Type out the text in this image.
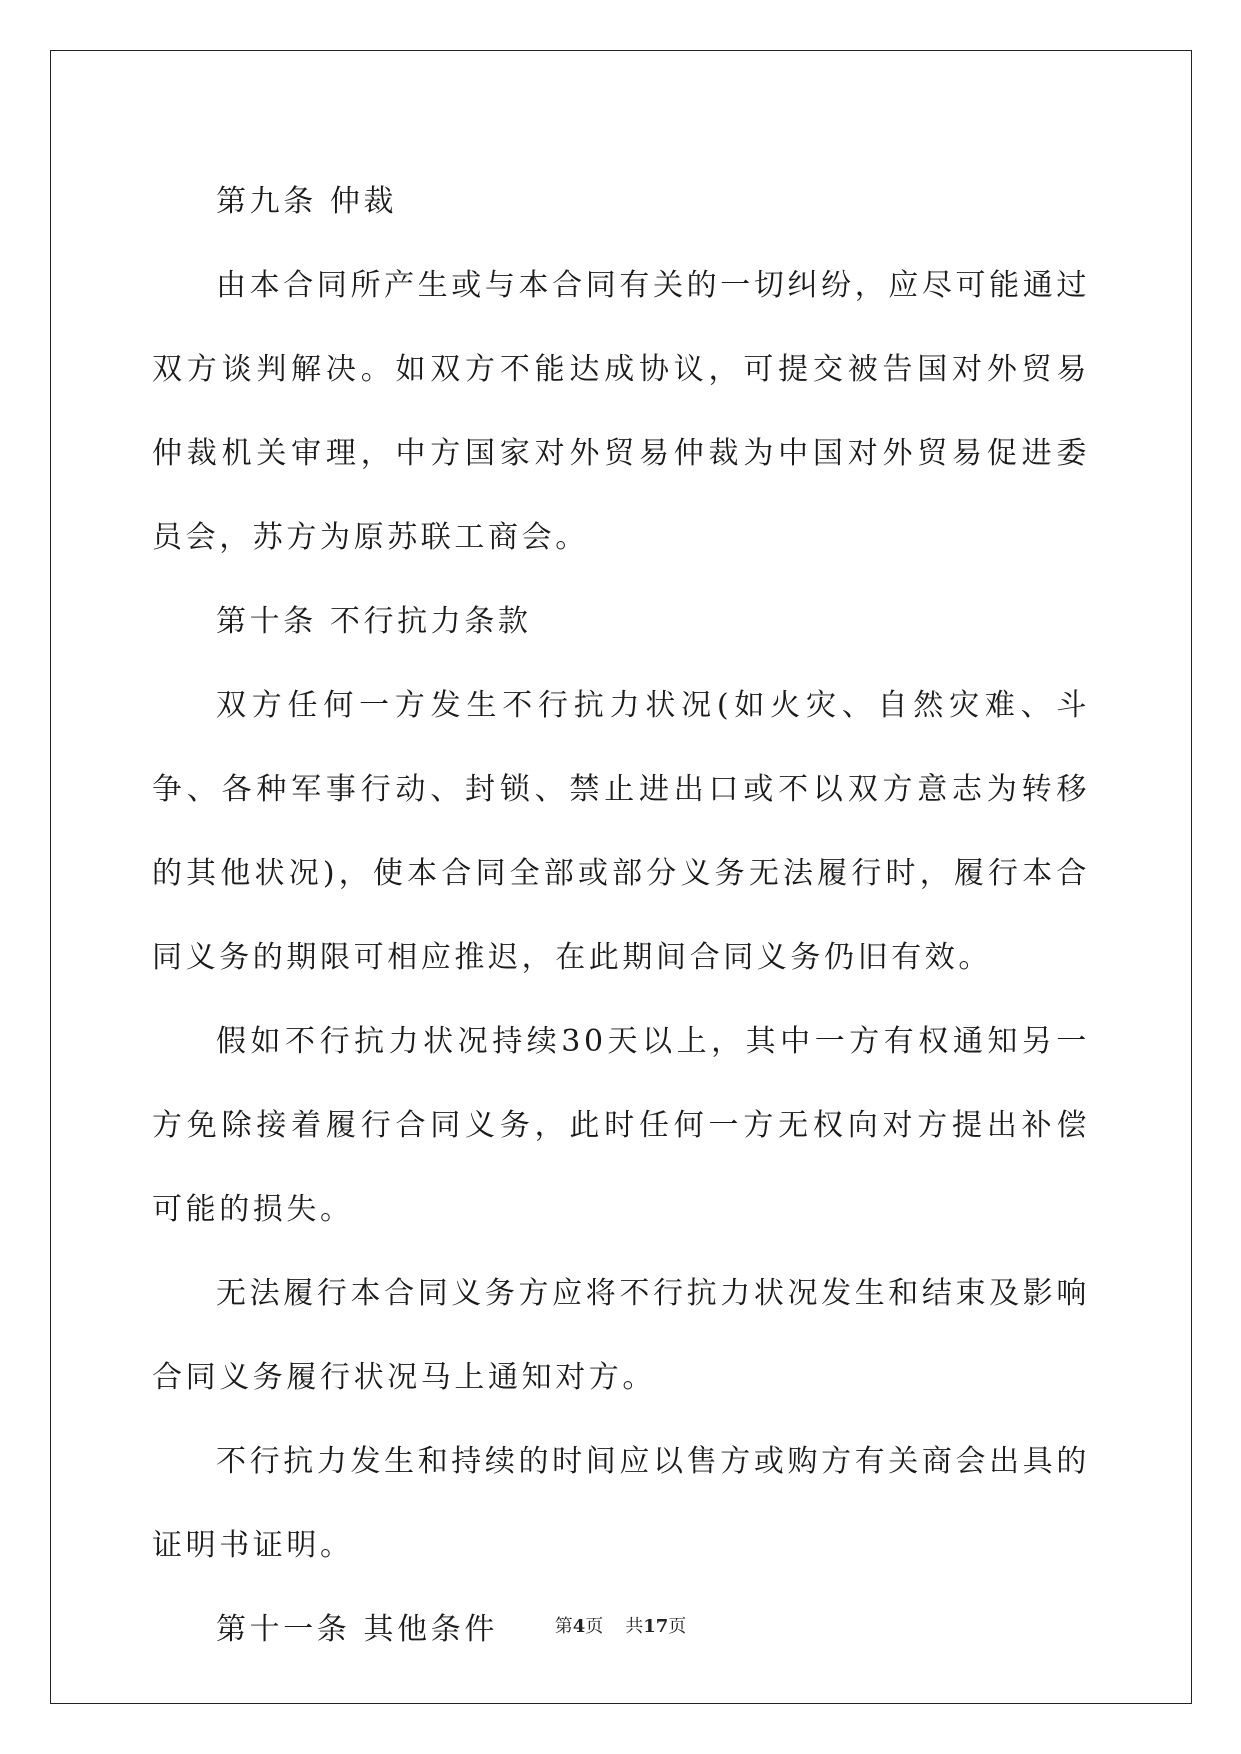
第九条 仲裁

由本合同所产生或与本合同有关的一切纠纷，应尽可能通过双方谈判解决。如双方不能达成协议，可提交被告国对外贸易仲裁机关审理，中方国家对外贸易仲裁为中国对外贸易促进委员会，苏方为原苏联工商会。

第十条 不行抗力条款

双方任何一方发生不行抗力状况(如火灾、自然灾难、斗争、各种军事行动、封锁、禁止进出口或不以双方意志为转移的其他状况)，使本合同全部或部分义务无法履行时，履行本合同义务的期限可相应推迟，在此期间合同义务仍旧有效。

假如不行抗力状况持续30天以上，其中一方有权通知另一方免除接着履行合同义务，此时任何一方无权向对方提出补偿可能的损失。

无法履行本合同义务方应将不行抗力状况发生和结束及影响合同义务履行状况马上通知对方。

不行抗力发生和持续的时间应以售方或购方有关商会出具的证明书证明。

第十一条 其他条件	第4页 共17页
